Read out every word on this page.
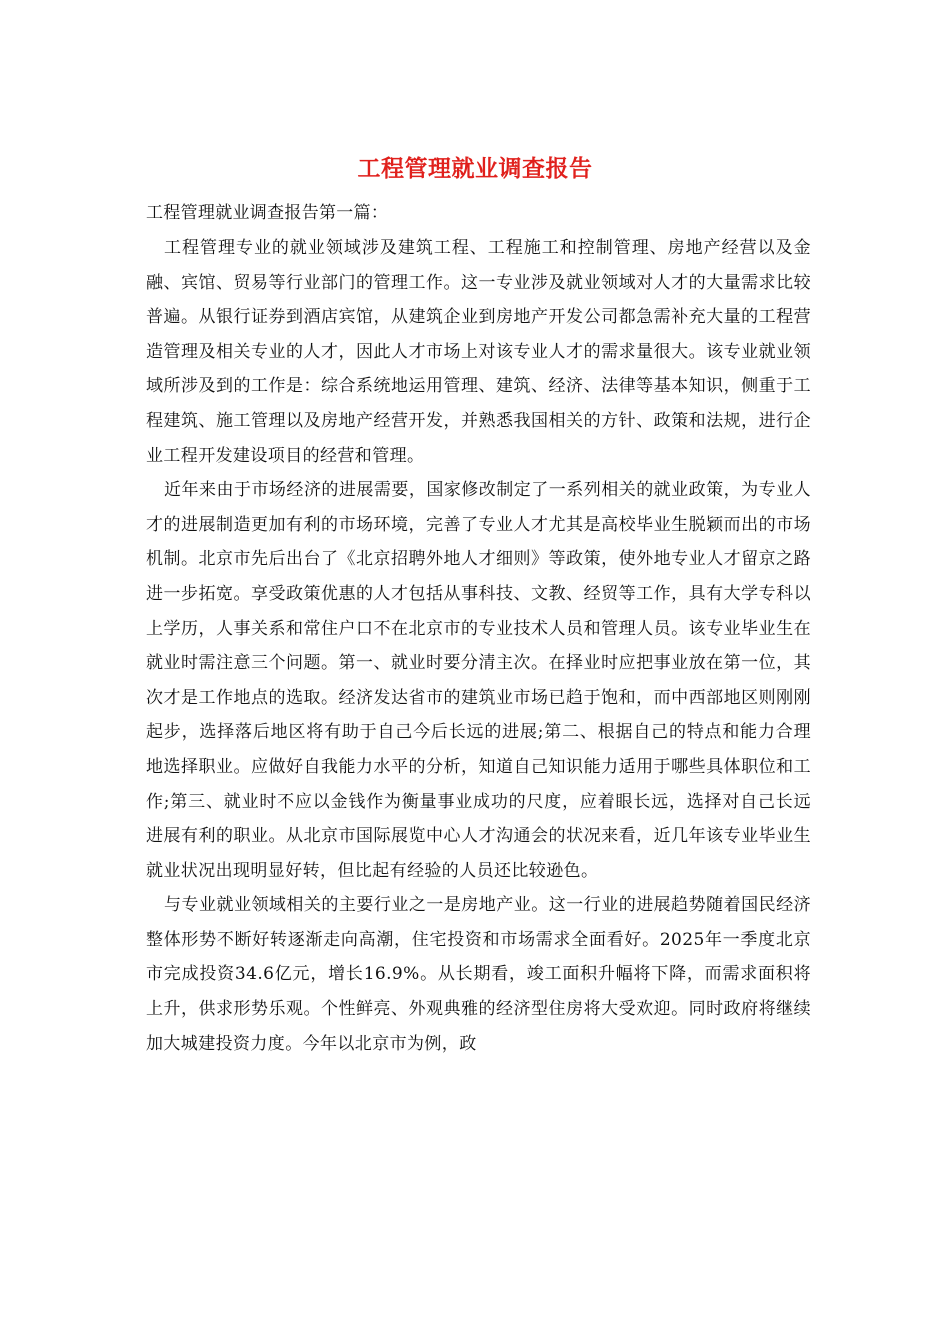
工程管理就业调查报告
工程管理就业调查报告第一篇：

工程管理专业的就业领域涉及建筑工程、工程施工和控制管理、房地产经营以及金融、宾馆、贸易等行业部门的管理工作。这一专业涉及就业领域对人才的大量需求比较普遍。从银行证券到酒店宾馆，从建筑企业到房地产开发公司都急需补充大量的工程营造管理及相关专业的人才，因此人才市场上对该专业人才的需求量很大。该专业就业领域所涉及到的工作是：综合系统地运用管理、建筑、经济、法律等基本知识，侧重于工程建筑、施工管理以及房地产经营开发，并熟悉我国相关的方针、政策和法规，进行企业工程开发建设项目的经营和管理。

近年来由于市场经济的进展需要，国家修改制定了一系列相关的就业政策，为专业人才的进展制造更加有利的市场环境，完善了专业人才尤其是高校毕业生脱颖而出的市场机制。北京市先后出台了《北京招聘外地人才细则》等政策，使外地专业人才留京之路进一步拓宽。享受政策优惠的人才包括从事科技、文教、经贸等工作，具有大学专科以上学历，人事关系和常住户口不在北京市的专业技术人员和管理人员。该专业毕业生在就业时需注意三个问题。第一、就业时要分清主次。在择业时应把事业放在第一位，其次才是工作地点的选取。经济发达省市的建筑业市场已趋于饱和，而中西部地区则刚刚起步，选择落后地区将有助于自己今后长远的进展;第二、根据自己的特点和能力合理地选择职业。应做好自我能力水平的分析，知道自己知识能力适用于哪些具体职位和工作;第三、就业时不应以金钱作为衡量事业成功的尺度，应着眼长远，选择对自己长远进展有利的职业。从北京市国际展览中心人才沟通会的状况来看，近几年该专业毕业生就业状况出现明显好转，但比起有经验的人员还比较逊色。

与专业就业领域相关的主要行业之一是房地产业。这一行业的进展趋势随着国民经济整体形势不断好转逐渐走向高潮，住宅投资和市场需求全面看好。2025年一季度北京市完成投资34.6亿元，增长16.9%。从长期看，竣工面积升幅将下降，而需求面积将上升，供求形势乐观。个性鲜亮、外观典雅的经济型住房将大受欢迎。同时政府将继续加大城建投资力度。今年以北京市为例，政
